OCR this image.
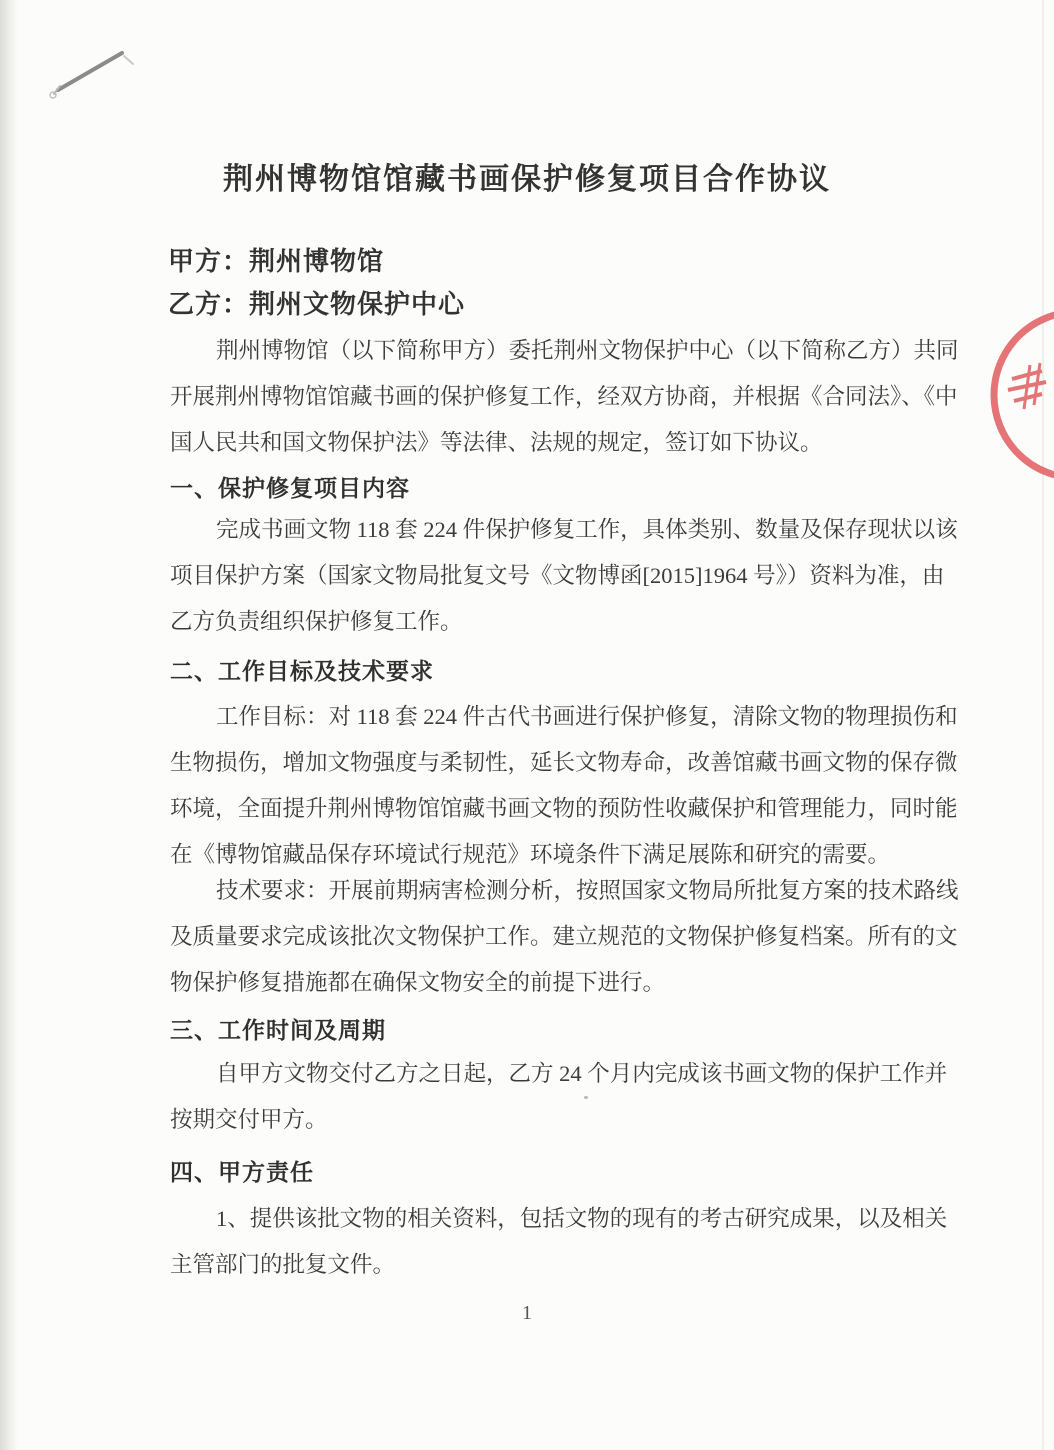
荆州博物馆馆藏书画保护修复项目合作协议
甲方：荆州博物馆
乙方：荆州文物保护中心
荆州博物馆（以下简称甲方）委托荆州文物保护中心（以下简称乙方）共同
开展荆州博物馆馆藏书画的保护修复工作，经双方协商，并根据《合同法》、《中
国人民共和国文物保护法》等法律、法规的规定，签订如下协议。
一、保护修复项目内容
完成书画文物 118 套 224 件保护修复工作，具体类别、数量及保存现状以该
项目保护方案（国家文物局批复文号《文物博函[2015]1964 号》）资料为准，由
乙方负责组织保护修复工作。
二、工作目标及技术要求
工作目标：对 118 套 224 件古代书画进行保护修复，清除文物的物理损伤和
生物损伤，增加文物强度与柔韧性，延长文物寿命，改善馆藏书画文物的保存微
环境，全面提升荆州博物馆馆藏书画文物的预防性收藏保护和管理能力，同时能
在《博物馆藏品保存环境试行规范》环境条件下满足展陈和研究的需要。
技术要求：开展前期病害检测分析，按照国家文物局所批复方案的技术路线
及质量要求完成该批次文物保护工作。建立规范的文物保护修复档案。所有的文
物保护修复措施都在确保文物安全的前提下进行。
三、工作时间及周期
自甲方文物交付乙方之日起，乙方 24 个月内完成该书画文物的保护工作并
按期交付甲方。
四、甲方责任
1、提供该批文物的相关资料，包括文物的现有的考古研究成果，以及相关
主管部门的批复文件。
1
